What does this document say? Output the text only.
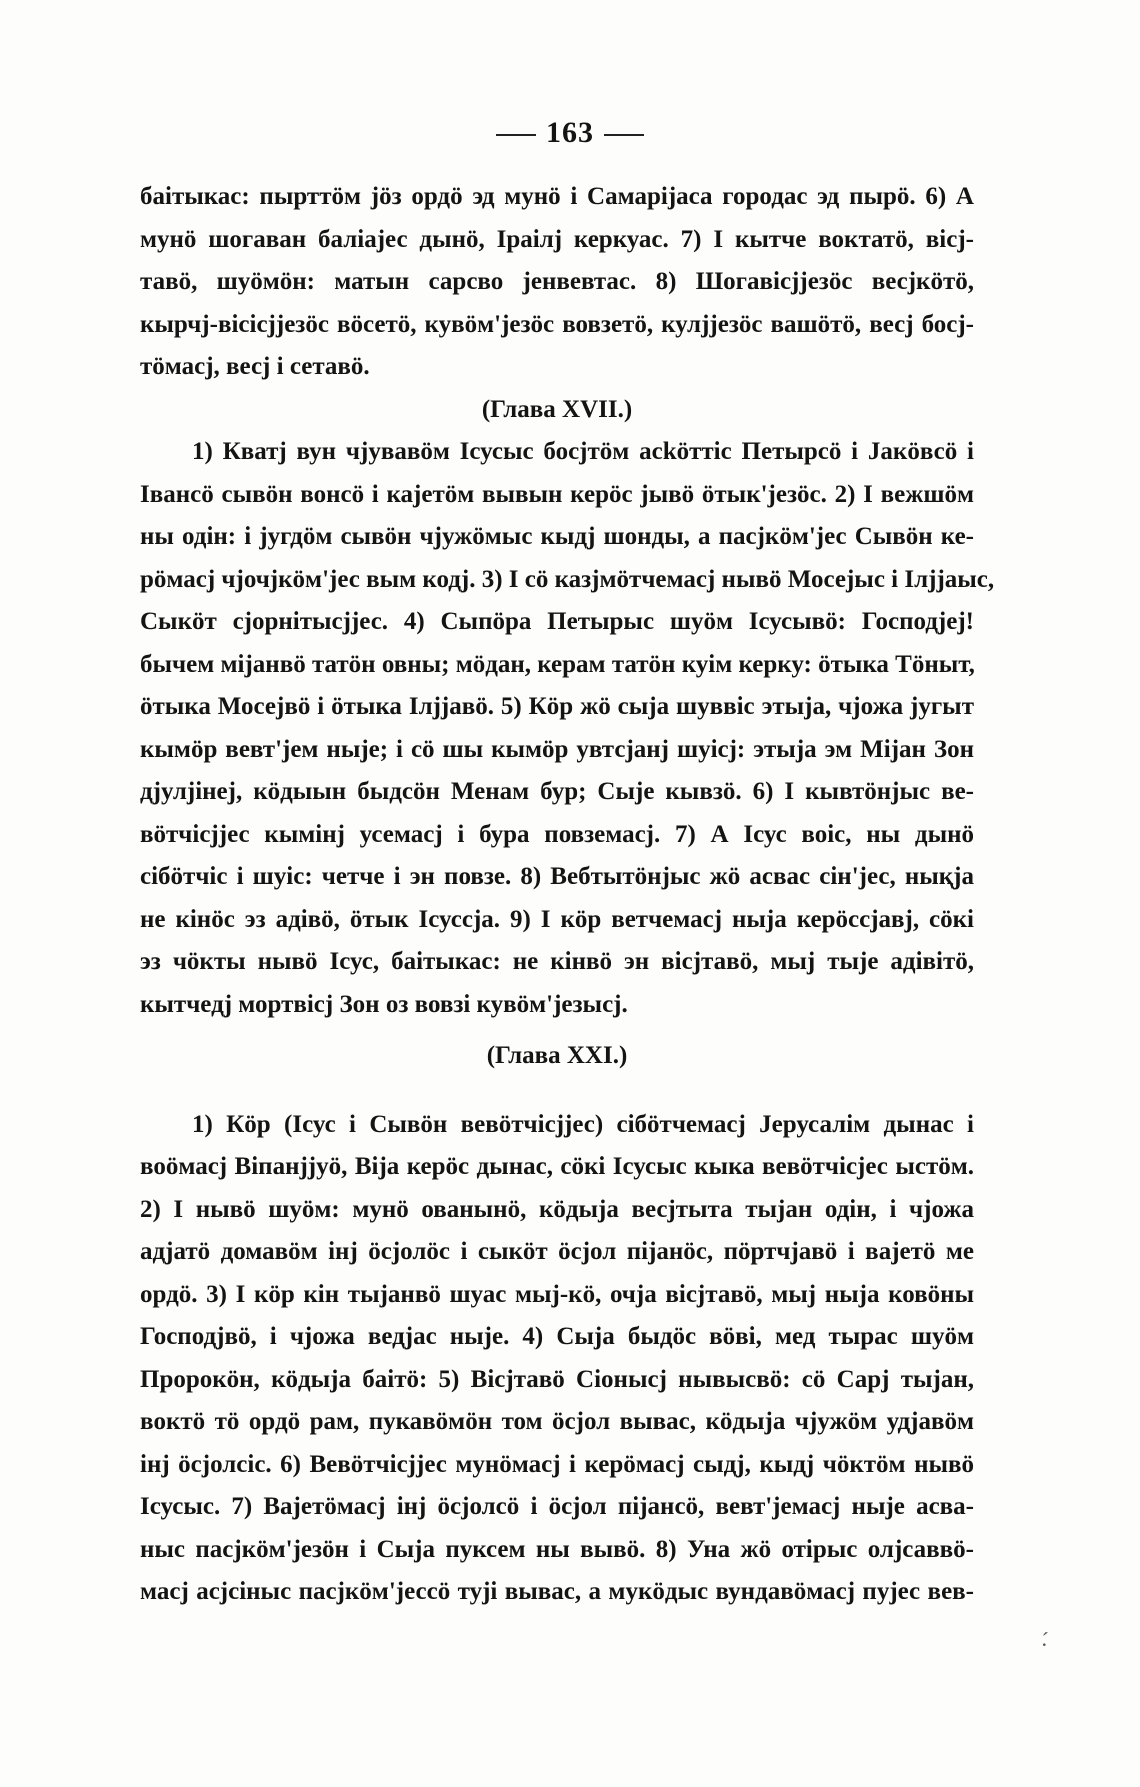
163
баітыкас: пырттöм jöз ордö эд мунö i Самарiјаса городас эд пырö. 6) А
мунö шогаван баліајес дынö, Іраілј керкуас. 7) I кытче воктатö, віcј-
тавö, шуöмöн: матын сарсво јенвевтас. 8) Шогавісјјезöс весјкöтö,
кырчј-вісісјјезöс вöсетö, кувöм'језöс вовзетö, кулјјезöс вашöтö, весј босј-
тöмасј, весј i сетавö.
(Глава XVII.)
1) Кватј вун чјувавöм Iсусыс босјтöм асköттіс Петырсö i Јакöвсö i
Івансö сывöн вонсö i кајетöм вывын керöс јывö öтык'језöс. 2) I вежшöм
ны одін: і југдöм сывöн чјужöмыс кыдј шонды, а пасјкöм'јес Сывöн ке-
рöмасј чјочјкöм'јес вым кодј. 3) I сö казјмöтчемасј нывö Мосејыс i Iлјјаыс,
Сыкöт сјорнітысјјес. 4) Сыпöра Петырыс шуöм Iсусывö: Господјеј!
бычем міјанвö татöн овны; мöдан, керам татöн куім керку: öтыка Тöныт,
öтыка Мосејвö i öтыка Iлјјавö. 5) Кöр жö сыја шуввіс этыја, чјожа југыт
кымöр вевт'јем ныје; i сö шы кымöр увтсјанј шуісј: этыја эм Міјан Зон
дјулјінеј, кöдыын быдсöн Менам бур; Сыје кывзö. 6) I кывтöнјыс ве-
вöтчісјјес кымінј усемасј i бура повземасј. 7) А Iсус воіс, ны дынö
сібöтчіс i шуіс: четче i эн повзе. 8) Вебтытöнјыс жö асвас сін'јес, нықја
не кінöс эз адівö, öтык Iсусcја. 9) I кöр ветчемасј ныја керöссјавј, сöкі
эз чöкты нывö Iсус, баітыкас: не кінвö эн віcјтавö, мыј тыје адівітö,
кытчедј мортвісј Зон оз вовзі кувöм'језысј.
(Глава XXI.)
1) Кöр (Iсус i Сывöн вевöтчісјјес) сібöтчемасј Јерусалім дынас i
воöмасј Віпанјјуö, Віја керöс дынас, сöкі Iсусыс кыка вевöтчісјес ыстöм.
2) I нывö шуöм: мунö ованынö, кöдыја весјтыта тыјан одін, і чјожа
адјатö домавöм інј öсјолöс i сыкöт öсјол піјанöс, пöртчјавö i вајетö ме
ордö. 3) I кöр кін тыјанвö шуас мыј-кö, очја віcјтавö, мыј ныја ковöны
Господјвö, i чјожа ведјас ныје. 4) Сыја быдöс вöві, мед тырас шуöм
Пророкöн, кöдыја баітö: 5) Віcјтавö Сіонысј нывысвö: сö Сарј тыјан,
вoктö тö ордö рам, пукавöмöн том öсјол вывас, кöдыја чјужöм удјавöм
інј öсјолсіс. 6) Вевöтчісјјес мунöмасј i керöмасј сыдј, кыдј чöктöм нывö
Iсусыс. 7) Вајетöмасј інј öсјолсö i öсјол піјансö, вевт'јемасј ныје асва-
ныс пасјкöм'језöн i Сыја пуксем ны вывö. 8) Уна жö отірыс олјсаввö-
масј асјсіныс пасјкöм'јессö тујі вывас, а мукöдыс вундавöмасј пујес вев-
·́
